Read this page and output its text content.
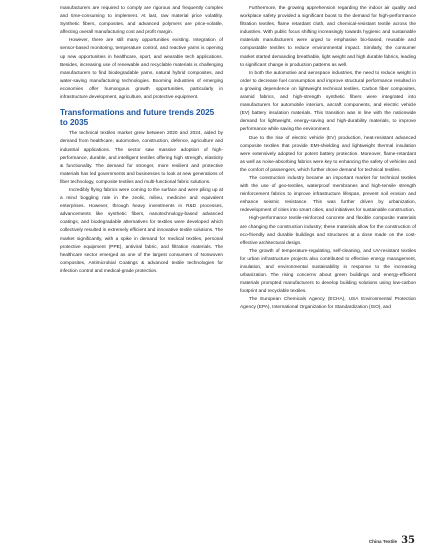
manufacturers are required to comply are rigorous and frequently complex and time-consuming to implement. At last, raw material price volatility. Synthetic fibers, composites, and advanced polymers are price-volatile, affecting overall manufacturing cost and profit margin.

However, there are still many opportunities existing. Integration of sensor-based monitoring, temperature control, and reactive yarns is opening up new opportunities in healthcare, sport, and wearable tech applications. Besides, increasing use of renewable and recyclable materials is challenging manufacturers to find biodegradable yarns, natural hybrid composites, and water-saving manufacturing technologies. Booming industries of emerging economies offer humongous growth opportunities, particularly in infrastructure development, agriculture, and protective equipment.

Transformations and future trends 2025 to 2035

The technical textiles market grew between 2020 and 2024, aided by demand from healthcare, automotive, construction, defence, agriculture and industrial applications. The sector saw massive adoption of high-performance, durable, and intelligent textiles offering high strength, elasticity & functionality. The demand for stronger, more resilient and protective materials has led governments and businesses to look at new generations of fiber technology, composite textiles and multi-functional fabric solutions.

Incredibly flying fabrics were coming to the surface and were piling up at a mind boggling rate in the zeolic, milieu, medicine and equivalent enterprises. However, through heavy investments in R&D processes, advancements like synthetic fibers, nanotechnology-based advanced coatings, and biodegradable alternatives for textiles were developed which collectively resulted in extremely efficient and innovative textile solutions. The market significantly, with a spike in demand for medical textiles, personal protective equipment (PPE), antiviral fabric, and filtration materials. The healthcare sector emerged as one of the largest consumers of Nonwoven composites, Antimicrobial Coatings & advanced textile technologies for infection control and medical-grade protection.

Furthermore, the growing apprehension regarding the indoor air quality and workplace safety provided a significant boost to the demand for high-performance filtration textiles, flame retardant cloth, and chemical-resistant textile across the industries. With public focus shifting increasingly towards hygienic and sustainable materials manufacturers were urged to emphasise bio-based, reusable and compostable textiles to reduce environmental impact. Similarly, the consumer market started demanding breathable, light weight and high durable fabrics, leading to significant change in production patterns as well.

In both the automotive and aerospace industries, the need to reduce weight in order to decrease fuel consumption and improve structural performance resulted in a growing dependence on lightweight technical textiles. Carbon fiber composites, aramid fabrics, and high-strength synthetic fibers were integrated into manufacturers for automobile interiors, aircraft components, and electric vehicle (EV) battery insulation materials. This transition was in line with the nationwide demand for lightweight, energy-saving and high-durability materials, to improve performance while saving the environment.

Due to the rise of electric vehicle (EV) production, heat-resistant advanced composite textiles that provide EMI-shielding and lightweight thermal insulation were extensively adopted for potent battery protection. Moreover, flame-retardant as well as noise-absorbing fabrics were key to enhancing the safety of vehicles and the comfort of passengers, which further drove demand for technical textiles.

The construction industry became an important market for technical textiles with the use of geo-textiles, waterproof membranes and high-tensile strength reinforcement fabrics to improve infrastructure lifespan, prevent soil erosion and enhance seismic resistance. This was further driven by urbanization, redevelopment of cities into smart cities, and initiatives for sustainable construction.

High-performance textile-reinforced concrete and flexible composite materials are changing the construction industry; these materials allow for the construction of eco-friendly and durable buildings and structures at a dose made on the cost-effective architectural design.

The growth of temperature-regulating, self-cleaning, and UV-resistant textiles for urban infrastructure projects also contributed to effective energy management, insulation, and environmental sustainability in response to the increasing urbanization. The rising concerns about green buildings and energy-efficient materials prompted manufacturers to develop building solutions using low-carbon footprint and recyclable textiles.

The European Chemicals Agency (ECHA), USA Environmental Protection Agency (EPA), International Organization for Standardization (ISO), and

China Textile 35
